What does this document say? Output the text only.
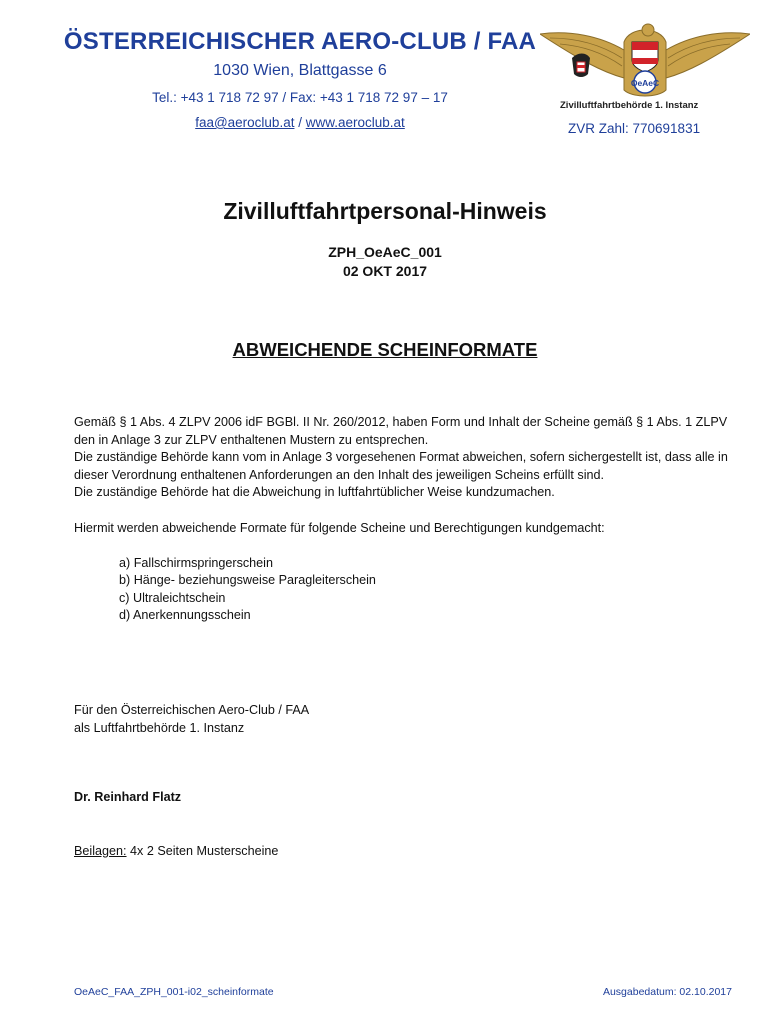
ÖSTERREICHISCHER AERO-CLUB / FAA
1030 Wien, Blattgasse 6
Tel.: +43 1 718 72 97 / Fax: +43 1 718 72 97 – 17
faa@aeroclub.at / www.aeroclub.at
OeAeC
Zivilluftfahrtbehörde 1. Instanz
ZVR Zahl: 770691831
Zivilluftfahrtpersonal-Hinweis
ZPH_OeAeC_001
02 OKT 2017
ABWEICHENDE SCHEINFORMATE

Gemäß § 1 Abs. 4 ZLPV 2006 idF BGBl. II Nr. 260/2012, haben Form und Inhalt der Scheine gemäß § 1 Abs. 1 ZLPV den in Anlage 3 zur ZLPV enthaltenen Mustern zu entsprechen.

Die zuständige Behörde kann vom in Anlage 3 vorgesehenen Format abweichen, sofern sichergestellt ist, dass alle in dieser Verordnung enthaltenen Anforderungen an den Inhalt des jeweiligen Scheins erfüllt sind.

Die zuständige Behörde hat die Abweichung in luftfahrtüblicher Weise kundzumachen.

Hiermit werden abweichende Formate für folgende Scheine und Berechtigungen kundgemacht:

a) Fallschirmspringerschein
b) Hänge- beziehungsweise Paragleiterschein
c) Ultraleichtschein
d) Anerkennungsschein
Für den Österreichischen Aero-Club / FAA
als Luftfahrtbehörde 1. Instanz
Dr. Reinhard Flatz
Beilagen: 4x 2 Seiten Musterscheine
OeAeC_FAA_ZPH_001-i02_scheinformate	Ausgabedatum: 02.10.2017
